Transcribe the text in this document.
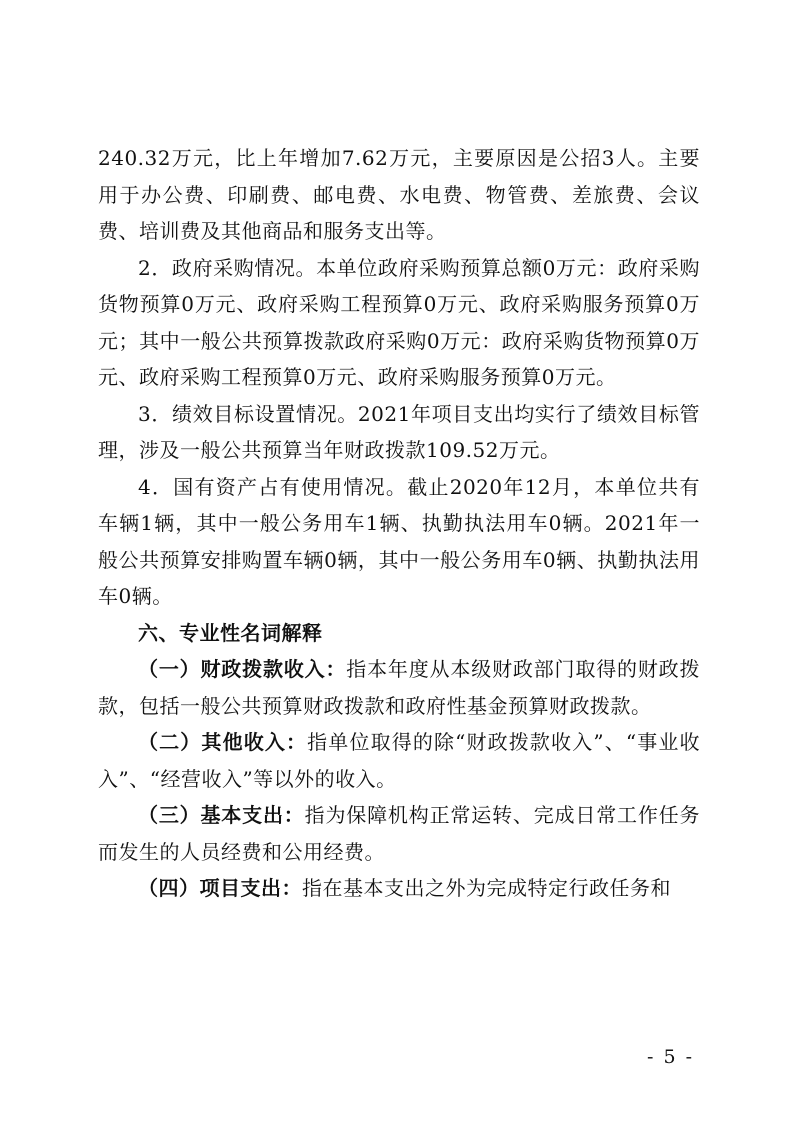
240.32万元，比上年增加7.62万元，主要原因是公招3人。主要用于办公费、印刷费、邮电费、水电费、物管费、差旅费、会议费、培训费及其他商品和服务支出等。

2．政府采购情况。本单位政府采购预算总额0万元：政府采购货物预算0万元、政府采购工程预算0万元、政府采购服务预算0万元；其中一般公共预算拨款政府采购0万元：政府采购货物预算0万元、政府采购工程预算0万元、政府采购服务预算0万元。

3．绩效目标设置情况。2021年项目支出均实行了绩效目标管理，涉及一般公共预算当年财政拨款109.52万元。

4．国有资产占有使用情况。截止2020年12月，本单位共有车辆1辆，其中一般公务用车1辆、执勤执法用车0辆。2021年一般公共预算安排购置车辆0辆，其中一般公务用车0辆、执勤执法用车0辆。

六、专业性名词解释

（一）财政拨款收入：指本年度从本级财政部门取得的财政拨款，包括一般公共预算财政拨款和政府性基金预算财政拨款。

（二）其他收入：指单位取得的除“财政拨款收入”、“事业收入”、“经营收入”等以外的收入。

（三）基本支出：指为保障机构正常运转、完成日常工作任务而发生的人员经费和公用经费。

（四）项目支出：指在基本支出之外为完成特定行政任务和

- 5 -
